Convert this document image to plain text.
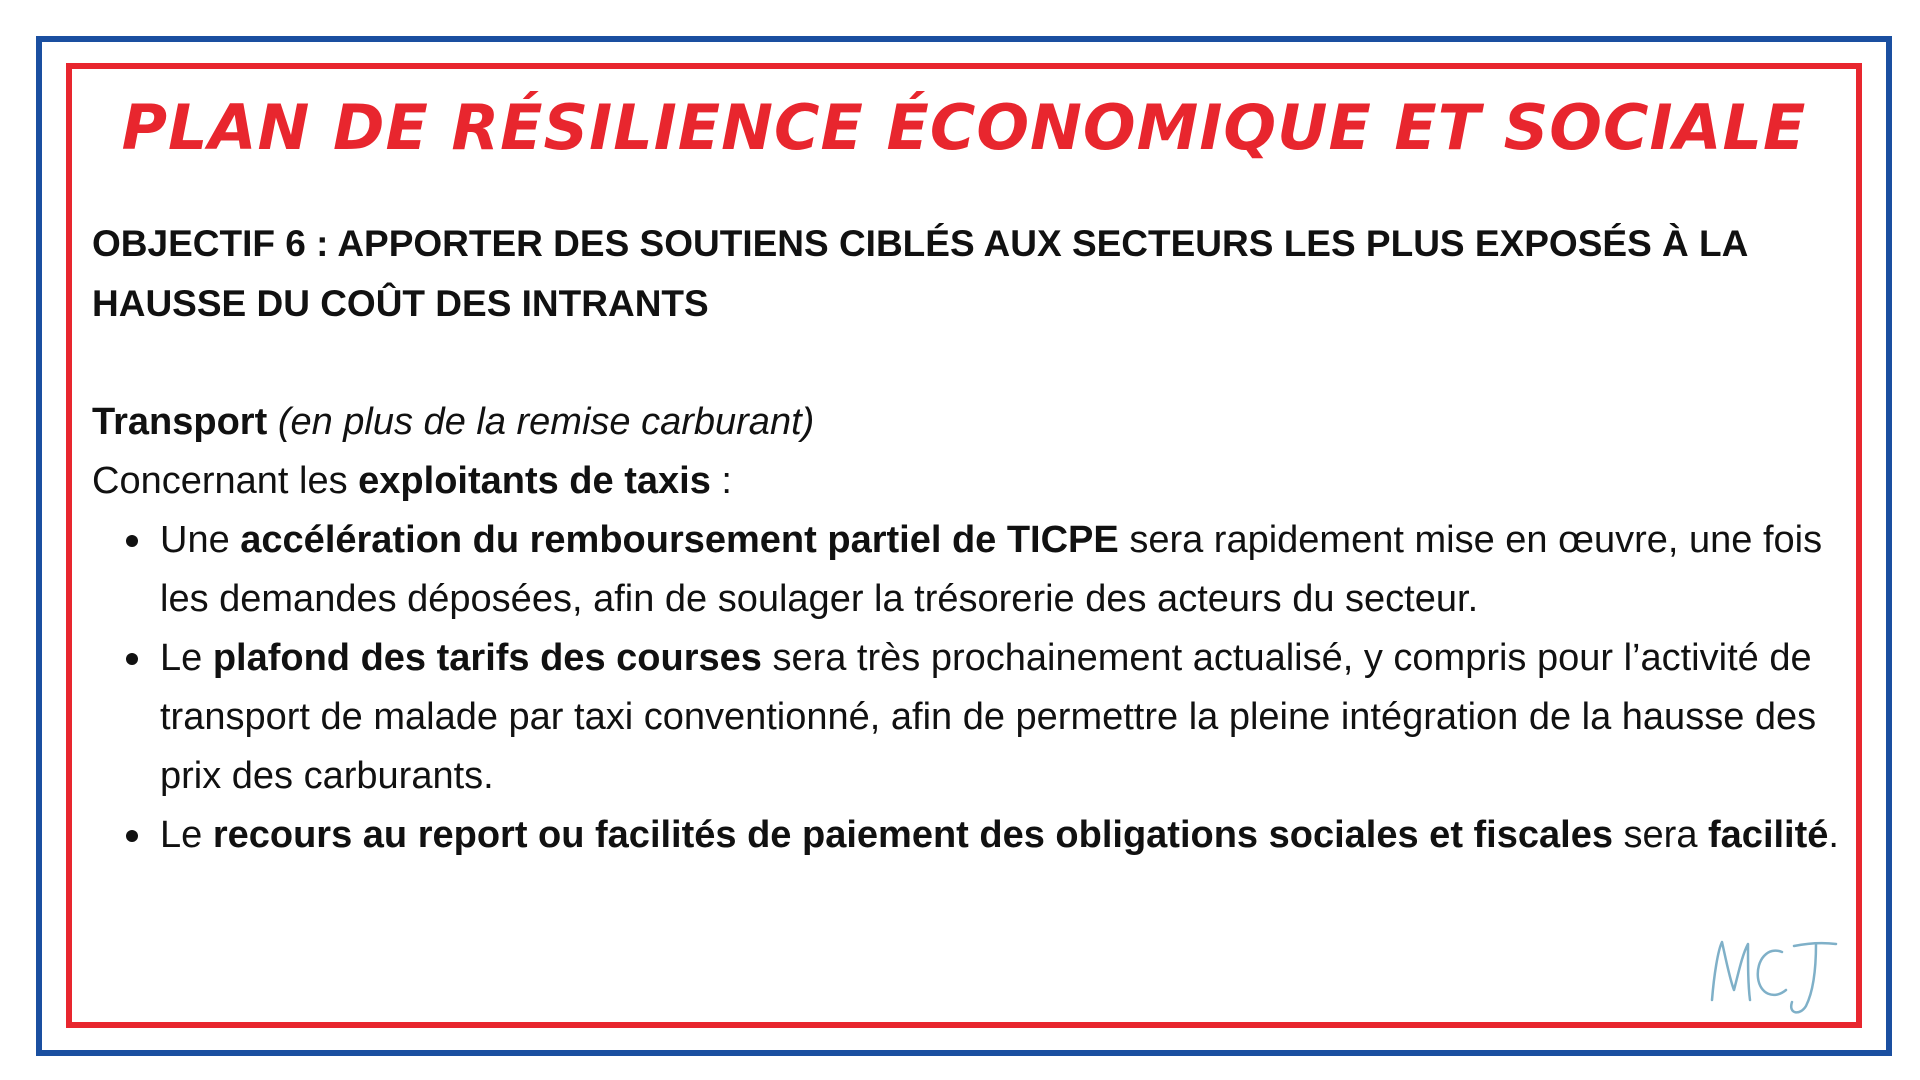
PLAN DE RÉSILIENCE ÉCONOMIQUE ET SOCIALE

OBJECTIF 6 : APPORTER DES SOUTIENS CIBLÉS AUX SECTEURS LES PLUS EXPOSÉS À LA HAUSSE DU COÛT DES INTRANTS

Transport (en plus de la remise carburant)

Concernant les exploitants de taxis :

Une accélération du remboursement partiel de TICPE sera rapidement mise en œuvre, une fois les demandes déposées, afin de soulager la trésorerie des acteurs du secteur.
Le plafond des tarifs des courses sera très prochainement actualisé, y compris pour l’activité de transport de malade par taxi conventionné, afin de permettre la pleine intégration de la hausse des prix des carburants.
Le recours au report ou facilités de paiement des obligations sociales et fiscales sera facilité.
